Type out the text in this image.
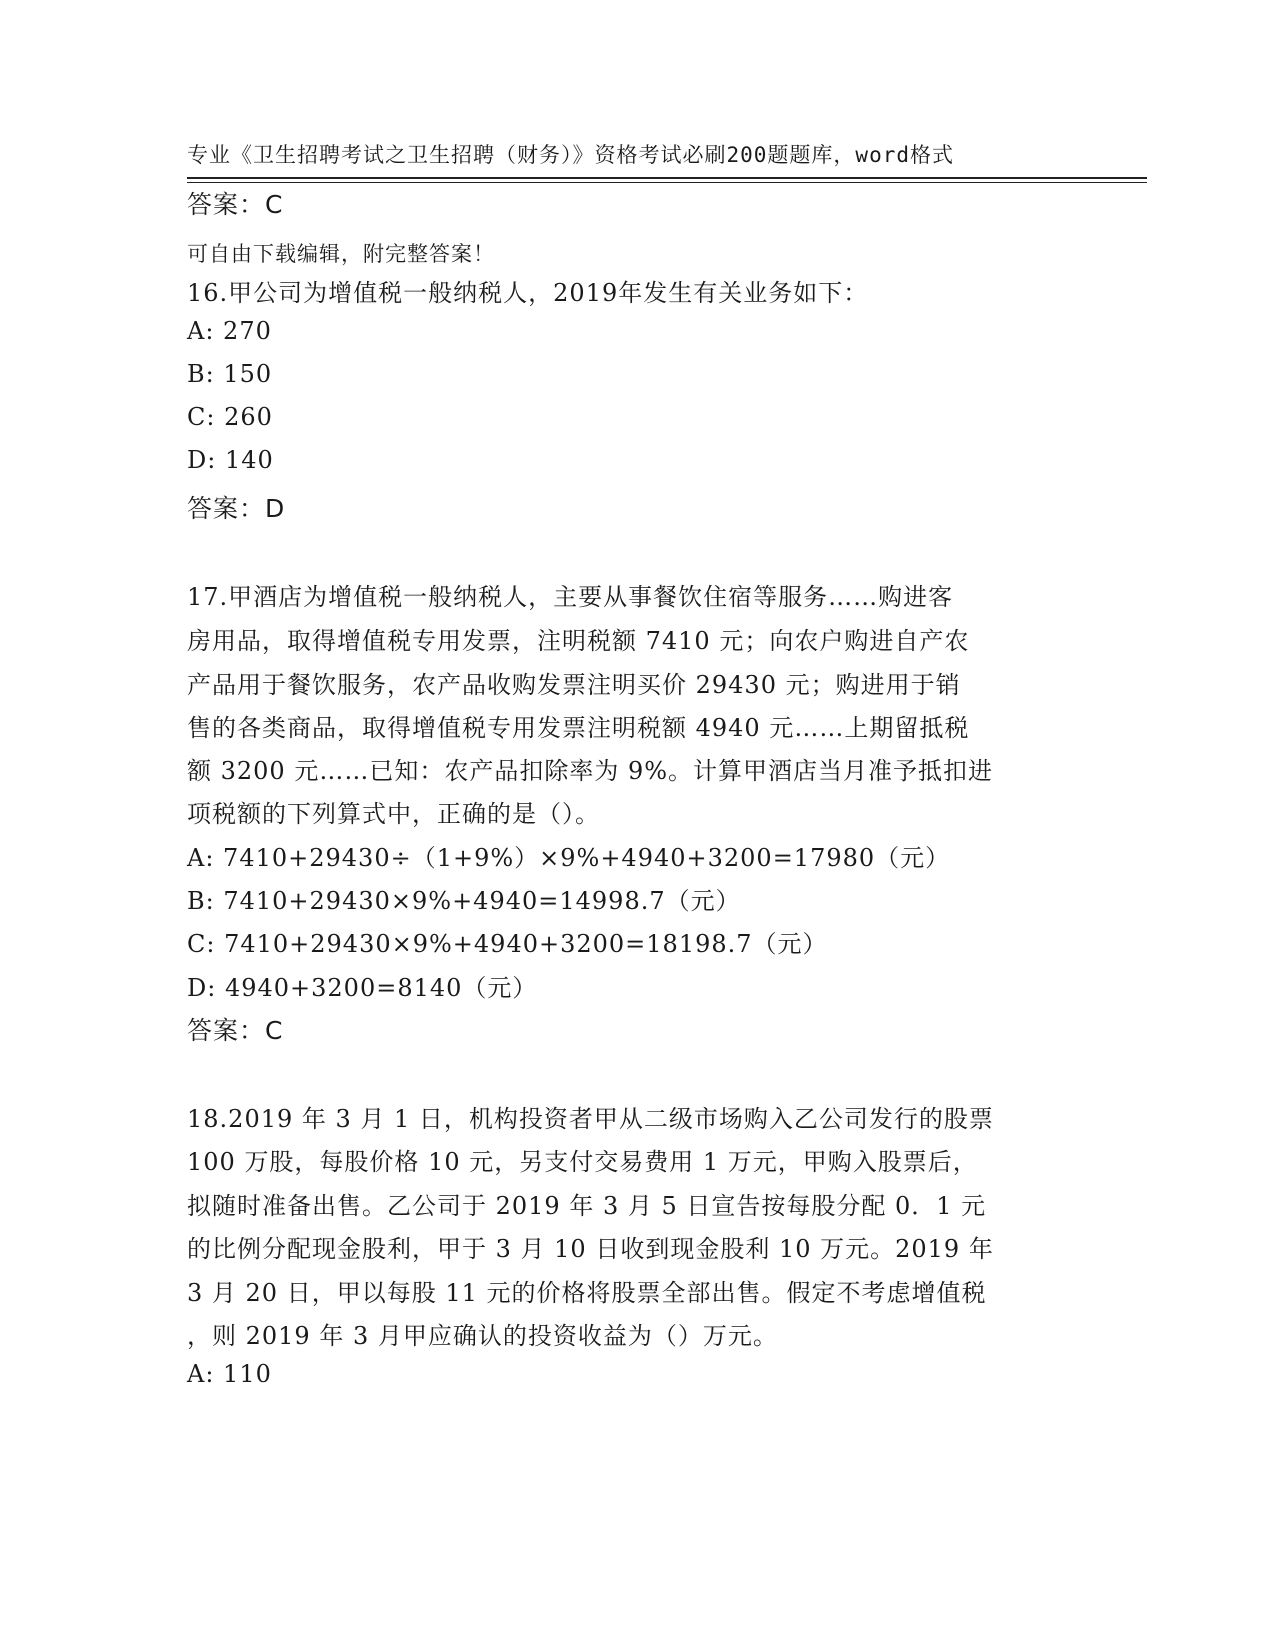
专业《卫生招聘考试之卫生招聘（财务）》资格考试必刷200题题库，word格式

可自由下载编辑，附完整答案！

答案：C
16.甲公司为增值税一般纳税人，2019年发生有关业务如下：
A: 270
B: 150
C: 260
D: 140
答案：D
17.甲酒店为增值税一般纳税人，主要从事餐饮住宿等服务……购进客
房用品，取得增值税专用发票，注明税额 7410 元；向农户购进自产农
产品用于餐饮服务，农产品收购发票注明买价 29430 元；购进用于销
售的各类商品，取得增值税专用发票注明税额 4940 元……上期留抵税
额 3200 元……已知：农产品扣除率为 9%。计算甲酒店当月准予抵扣进
项税额的下列算式中，正确的是（）。
A: 7410+29430÷（1+9%）×9%+4940+3200=17980（元）
B: 7410+29430×9%+4940=14998.7（元）
C: 7410+29430×9%+4940+3200=18198.7（元）
D: 4940+3200=8140（元）
答案：C
18.2019 年 3 月 1 日，机构投资者甲从二级市场购入乙公司发行的股票
100 万股，每股价格 10 元，另支付交易费用 1 万元，甲购入股票后，
拟随时准备出售。乙公司于 2019 年 3 月 5 日宣告按每股分配 0．1 元
的比例分配现金股利，甲于 3 月 10 日收到现金股利 10 万元。2019 年
3 月 20 日，甲以每股 11 元的价格将股票全部出售。假定不考虑增值税
，则 2019 年 3 月甲应确认的投资收益为（）万元。
A: 110
